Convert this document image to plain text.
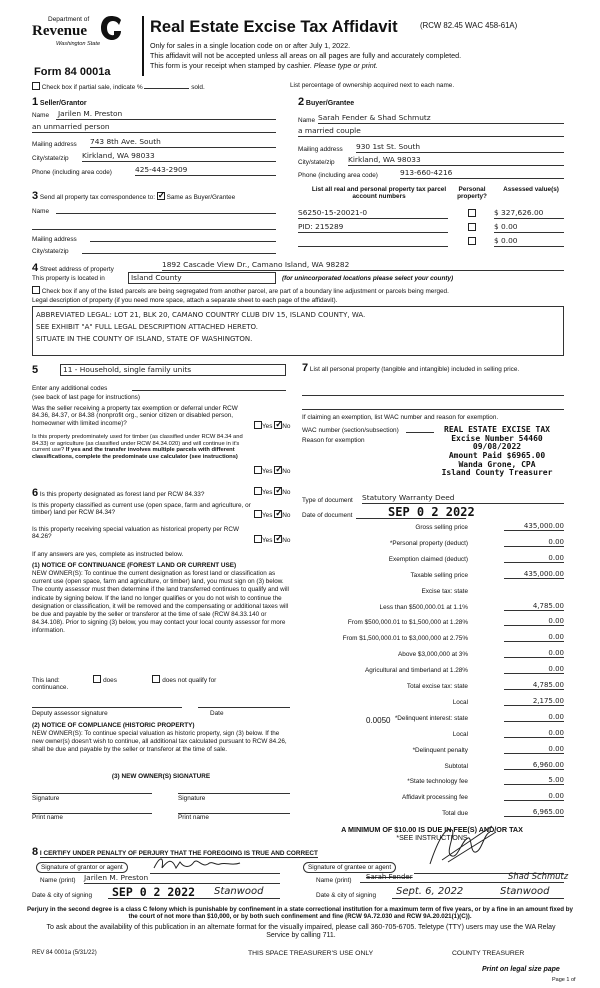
Department of
Revenue
Washington State
Form 84 0001a
Real Estate Excise Tax Affidavit	(RCW 82.45 WAC 458-61A)
Only for sales in a single location code on or after July 1, 2022.
This affidavit will not be accepted unless all areas on all pages are fully and accurately completed.
This form is your receipt when stamped by cashier. Please type or print.
Check box if partial sale, indicate %	sold.	List percentage of ownership acquired next to each name.
1 Seller/Grantor
Name Jarilen M. Preston
an unmarried person
Mailing address 743 8th Ave. South
City/state/zip Kirkland, WA 98033
Phone (including area code)	425-443-2909
2 Buyer/Grantee
Name Sarah Fender & Shad Schmutz
a married couple
Mailing address 930 1st St. South
City/state/zip Kirkland, WA 98033
Phone (including area code)	913-660-4216
3 Send all property tax correspondence to: ✓ Same as Buyer/Grantee
Name
Mailing address
City/state/zip
List all real and personal property tax parcel account numbers
Personal property?
Assessed value(s)
S6250-15-20021-0	$ 327,626.00
PID: 215289	$ 0.00
$ 0.00
4 Street address of property
1892 Cascade View Dr., Camano Island, WA 98282
This property is located in	Island County	(for unincorporated locations please select your county)
Check box if any of the listed parcels are being segregated from another parcel, are part of a boundary line adjustment or parcels being merged.
Legal description of property (if you need more space, attach a separate sheet to each page of the affidavit).
ABBREVIATED LEGAL: LOT 21, BLK 20, CAMANO COUNTRY CLUB DIV 15, ISLAND COUNTY, WA.
SEE EXHIBIT "A" FULL LEGAL DESCRIPTION ATTACHED HERETO.
SITUATE IN THE COUNTY OF ISLAND, STATE OF WASHINGTON.
5	11 - Household, single family units
Enter any additional codes
(see back of last page for instructions)
Was the seller receiving a property tax exemption or deferral under RCW 84.36, 84.37, or 84.38 (nonprofit org., senior citizen or disabled person, homeowner with limited income)?	Yes ✓ No
Is this property predominately used for timber (as classified under RCW 84.34 and 84.33) or agriculture (as classified under RCW 84.34.020) and will continue in it's current use? If yes and the transfer involves multiple parcels with different classifications, complete the predominate use calculator (see instructions)
Yes ✓ No
6 Is this property designated as forest land per RCW 84.33?	Yes ✓ No
Is this property classified as current use (open space, farm and agriculture, or timber) land per RCW 84.34?	Yes ✓ No
Is this property receiving special valuation as historical property per RCW 84.26?
Yes ✓ No
If any answers are yes, complete as instructed below.
(1) NOTICE OF CONTINUANCE (FOREST LAND OR CURRENT USE)
NEW OWNER(S): To continue the current designation as forest land or classification as current use (open space, farm and agriculture, or timber) land, you must sign on (3) below. The county assessor must then determine if the land transferred continues to qualify and will indicate by signing below. If the land no longer qualifies or you do not wish to continue the designation or classification, it will be removed and the compensating or additional taxes will be due and payable by the seller or transferor at the time of sale (RCW 84.33.140 or 84.34.108). Prior to signing (3) below, you may contact your local county assessor for more information.
This land:	does	does not qualify for
continuance.
Deputy assessor signature	Date
(2) NOTICE OF COMPLIANCE (HISTORIC PROPERTY)
NEW OWNER(S): To continue special valuation as historic property, sign (3) below. If the new owner(s) doesn't wish to continue, all additional tax calculated pursuant to RCW 84.26, shall be due and payable by the seller or transferor at the time of sale.
(3) NEW OWNER(S) SIGNATURE
Signature	Signature
Print name	Print name
7 List all personal property (tangible and intangible) included in selling price.
If claiming an exemption, list WAC number and reason for exemption.
WAC number (section/subsection)
Reason for exemption
REAL ESTATE EXCISE TAX
Excise Number 54460
09/08/2022
Amount Paid $6965.00
Wanda Grone, CPA
Island County Treasurer
Type of document Statutory Warranty Deed
Date of document	SEP 0 2 2022
Gross selling price	435,000.00
*Personal property (deduct)	0.00
Exemption claimed (deduct)	0.00
Taxable selling price	435,000.00
Excise tax: state
Less than $500,000.01 at 1.1%	4,785.00
From $500,000.01 to $1,500,000 at 1.28%	0.00
From $1,500,000.01 to $3,000,000 at 2.75%	0.00
Above $3,000,000 at 3%	0.00
Agricultural and timberland at 1.28%	0.00
Total excise tax: state	4,785.00
Local	2,175.00
*Delinquent interest: state	0.00
Local	0.00
*Delinquent penalty	0.00
Subtotal	6,960.00
*State technology fee	5.00
Affidavit processing fee	0.00
Total due	6,965.00
0.0050
A MINIMUM OF $10.00 IS DUE IN FEE(S) AND/OR TAX
*SEE INSTRUCTIONS
8 I CERTIFY UNDER PENALTY OF PERJURY THAT THE FOREGOING IS TRUE AND CORRECT
Signature of grantor or agent
Name (print) Jarilen M. Preston
Date & city of signing SEP 0 2 2022 Stanwood
Signature of grantee or agent
Name (print) Sarah Fender	Shad Schmutz
Date & city of signing Sept. 6, 2022	Stanwood
Perjury in the second degree is a class C felony which is punishable by confinement in a state correctional institution for a maximum term of five years, or by a fine in an amount fixed by the court of not more than $10,000, or by both such confinement and fine (RCW 9A.72.030 and RCW 9A.20.021(1)(C)).
To ask about the availability of this publication in an alternate format for the visually impaired, please call 360-705-6705. Teletype (TTY) users may use the WA Relay Service by calling 711.
REV 84 0001a (5/31/22)	THIS SPACE TREASURER'S USE ONLY	COUNTY TREASURER
Print on legal size pape
Page 1 of
